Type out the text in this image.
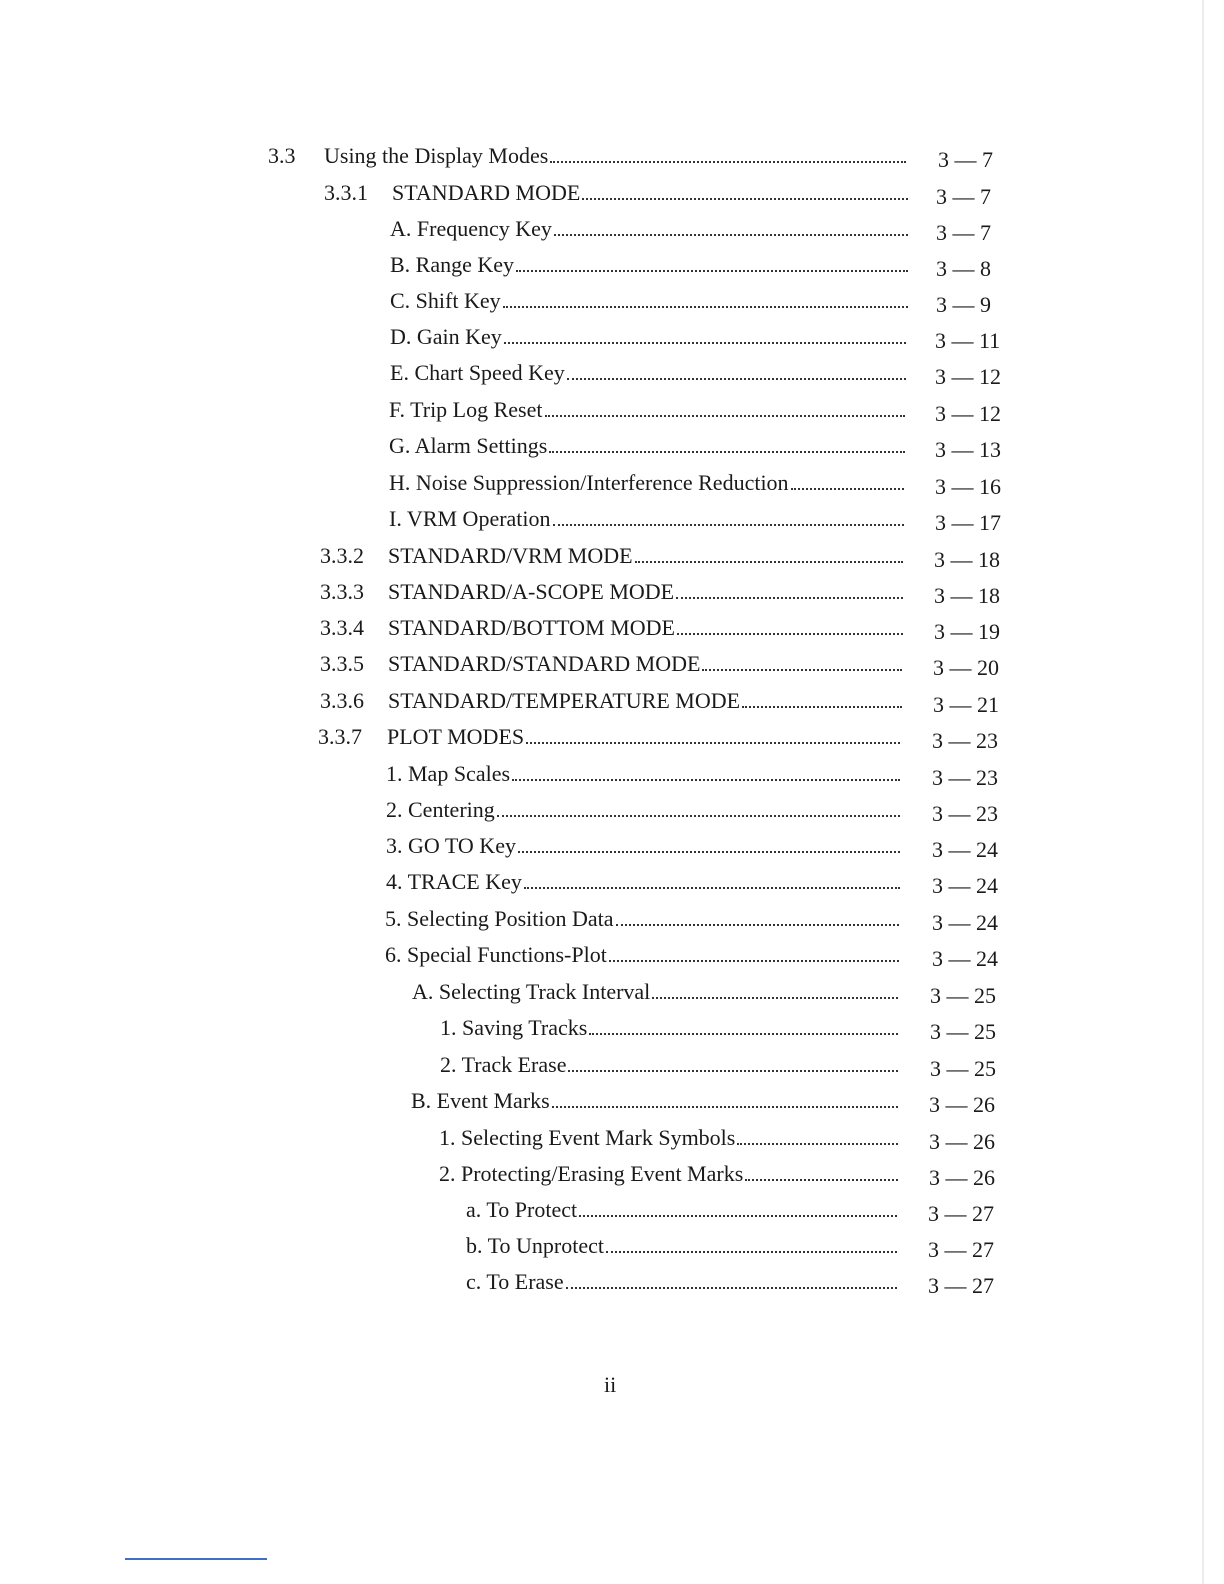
3.3 Using the Display Modes	3 — 7
3.3.1 STANDARD MODE	3 — 7
A. Frequency Key	3 — 7
B. Range Key	3 — 8
C. Shift Key	3 — 9
D. Gain Key	3 — 11
E. Chart Speed Key	3 — 12
F. Trip Log Reset	3 — 12
G. Alarm Settings	3 — 13
H. Noise Suppression/Interference Reduction	3 — 16
I. VRM Operation	3 — 17
3.3.2 STANDARD/VRM MODE	3 — 18
3.3.3 STANDARD/A-SCOPE MODE	3 — 18
3.3.4 STANDARD/BOTTOM MODE	3 — 19
3.3.5 STANDARD/STANDARD MODE	3 — 20
3.3.6 STANDARD/TEMPERATURE MODE	3 — 21
3.3.7 PLOT MODES	3 — 23
1. Map Scales	3 — 23
2. Centering	3 — 23
3. GO TO Key	3 — 24
4. TRACE Key	3 — 24
5. Selecting Position Data	3 — 24
6. Special Functions-Plot	3 — 24
A. Selecting Track Interval	3 — 25
1. Saving Tracks	3 — 25
2. Track Erase	3 — 25
B. Event Marks	3 — 26
1. Selecting Event Mark Symbols	3 — 26
2. Protecting/Erasing Event Marks	3 — 26
a. To Protect	3 — 27
b. To Unprotect	3 — 27
c. To Erase	3 — 27
ii
